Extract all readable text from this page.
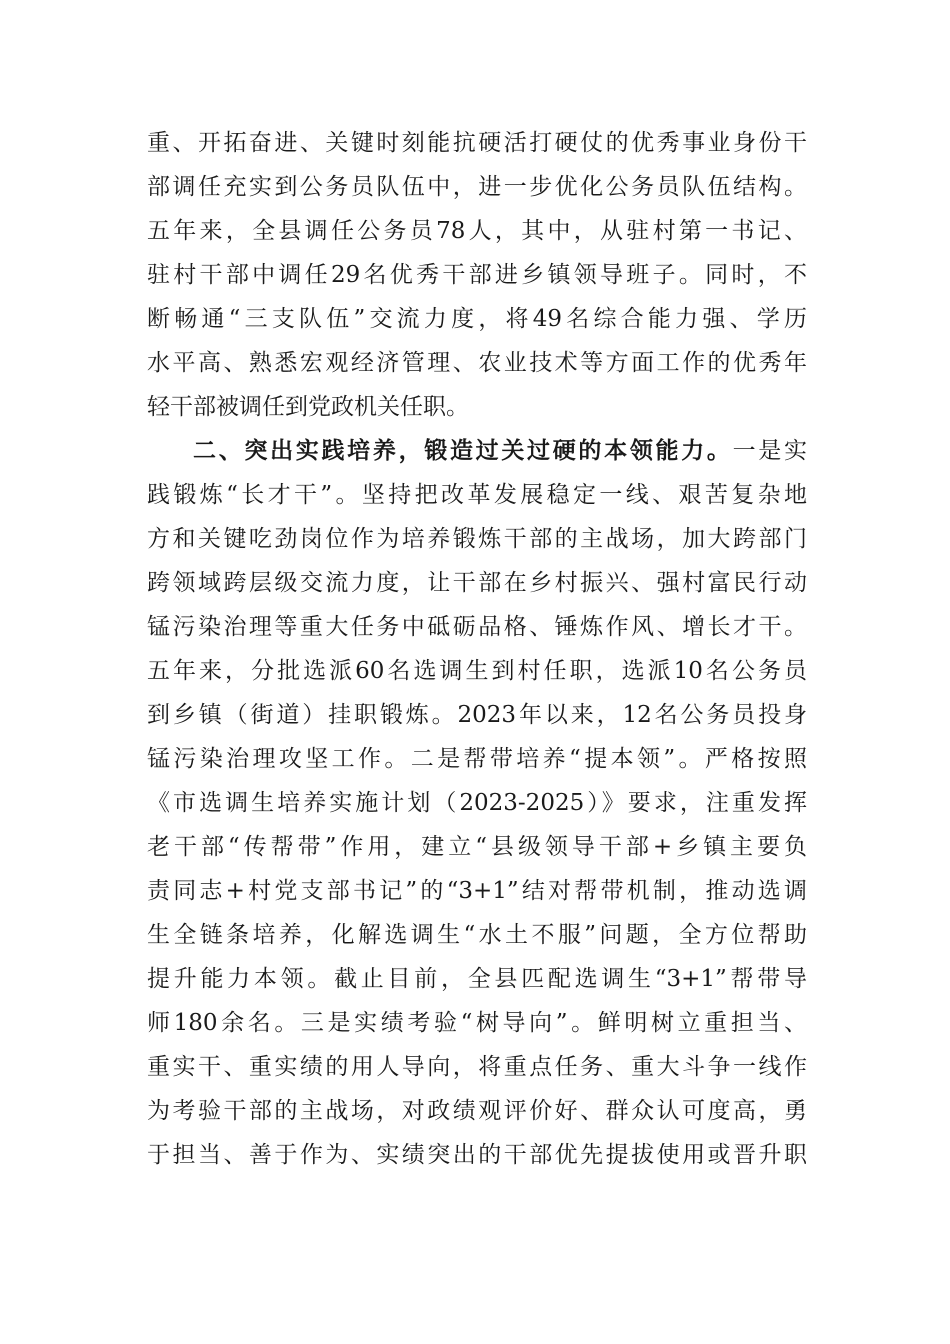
重、开拓奋进、关键时刻能抗硬活打硬仗的优秀事业身份干
部调任充实到公务员队伍中，进一步优化公务员队伍结构。
五年来，全县调任公务员78人，其中，从驻村第一书记、
驻村干部中调任29名优秀干部进乡镇领导班子。同时，不
断畅通“三支队伍”交流力度，将49名综合能力强、学历
水平高、熟悉宏观经济管理、农业技术等方面工作的优秀年
轻干部被调任到党政机关任职。
二、突出实践培养，锻造过关过硬的本领能力。一是实
践锻炼“长才干”。坚持把改革发展稳定一线、艰苦复杂地
方和关键吃劲岗位作为培养锻炼干部的主战场，加大跨部门
跨领域跨层级交流力度，让干部在乡村振兴、强村富民行动
锰污染治理等重大任务中砥砺品格、锤炼作风、增长才干。
五年来，分批选派60名选调生到村任职，选派10名公务员
到乡镇（街道）挂职锻炼。2023年以来，12名公务员投身
锰污染治理攻坚工作。二是帮带培养“提本领”。严格按照
《市选调生培养实施计划（2023-2025）》要求，注重发挥
老干部“传帮带”作用，建立“县级领导干部+乡镇主要负
责同志+村党支部书记”的“3+1”结对帮带机制，推动选调
生全链条培养，化解选调生“水土不服”问题，全方位帮助
提升能力本领。截止目前，全县匹配选调生“3+1”帮带导
师180余名。三是实绩考验“树导向”。鲜明树立重担当、
重实干、重实绩的用人导向，将重点任务、重大斗争一线作
为考验干部的主战场，对政绩观评价好、群众认可度高，勇
于担当、善于作为、实绩突出的干部优先提拔使用或晋升职
